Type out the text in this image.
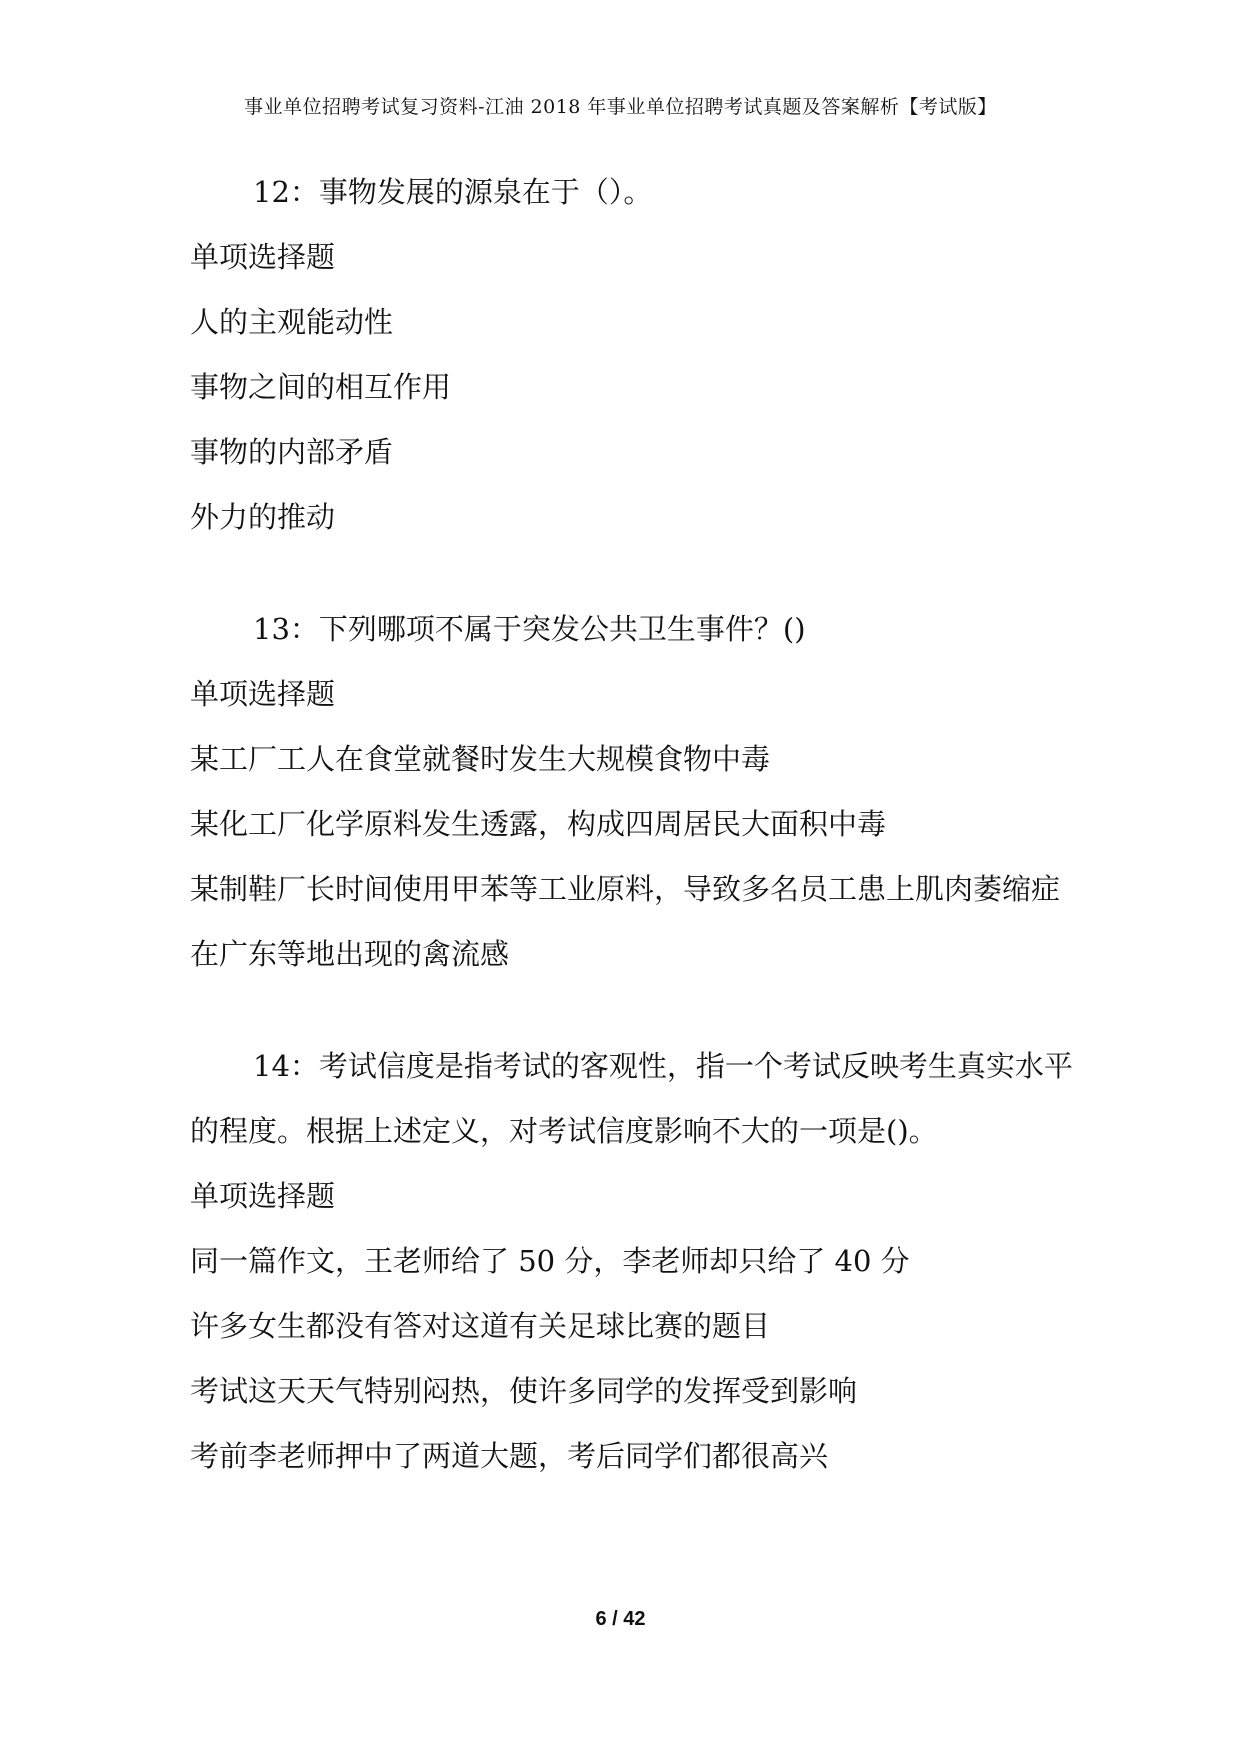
事业单位招聘考试复习资料-江油 2018 年事业单位招聘考试真题及答案解析【考试版】

12：事物发展的源泉在于（）。

单项选择题

人的主观能动性

事物之间的相互作用

事物的内部矛盾

外力的推动

13：下列哪项不属于突发公共卫生事件？()

单项选择题

某工厂工人在食堂就餐时发生大规模食物中毒

某化工厂化学原料发生透露，构成四周居民大面积中毒

某制鞋厂长时间使用甲苯等工业原料，导致多名员工患上肌肉萎缩症

在广东等地出现的禽流感

14：考试信度是指考试的客观性，指一个考试反映考生真实水平的程度。根据上述定义，对考试信度影响不大的一项是()。

单项选择题

同一篇作文，王老师给了 50 分，李老师却只给了 40 分

许多女生都没有答对这道有关足球比赛的题目

考试这天天气特别闷热，使许多同学的发挥受到影响

考前李老师押中了两道大题，考后同学们都很高兴

6 / 42
